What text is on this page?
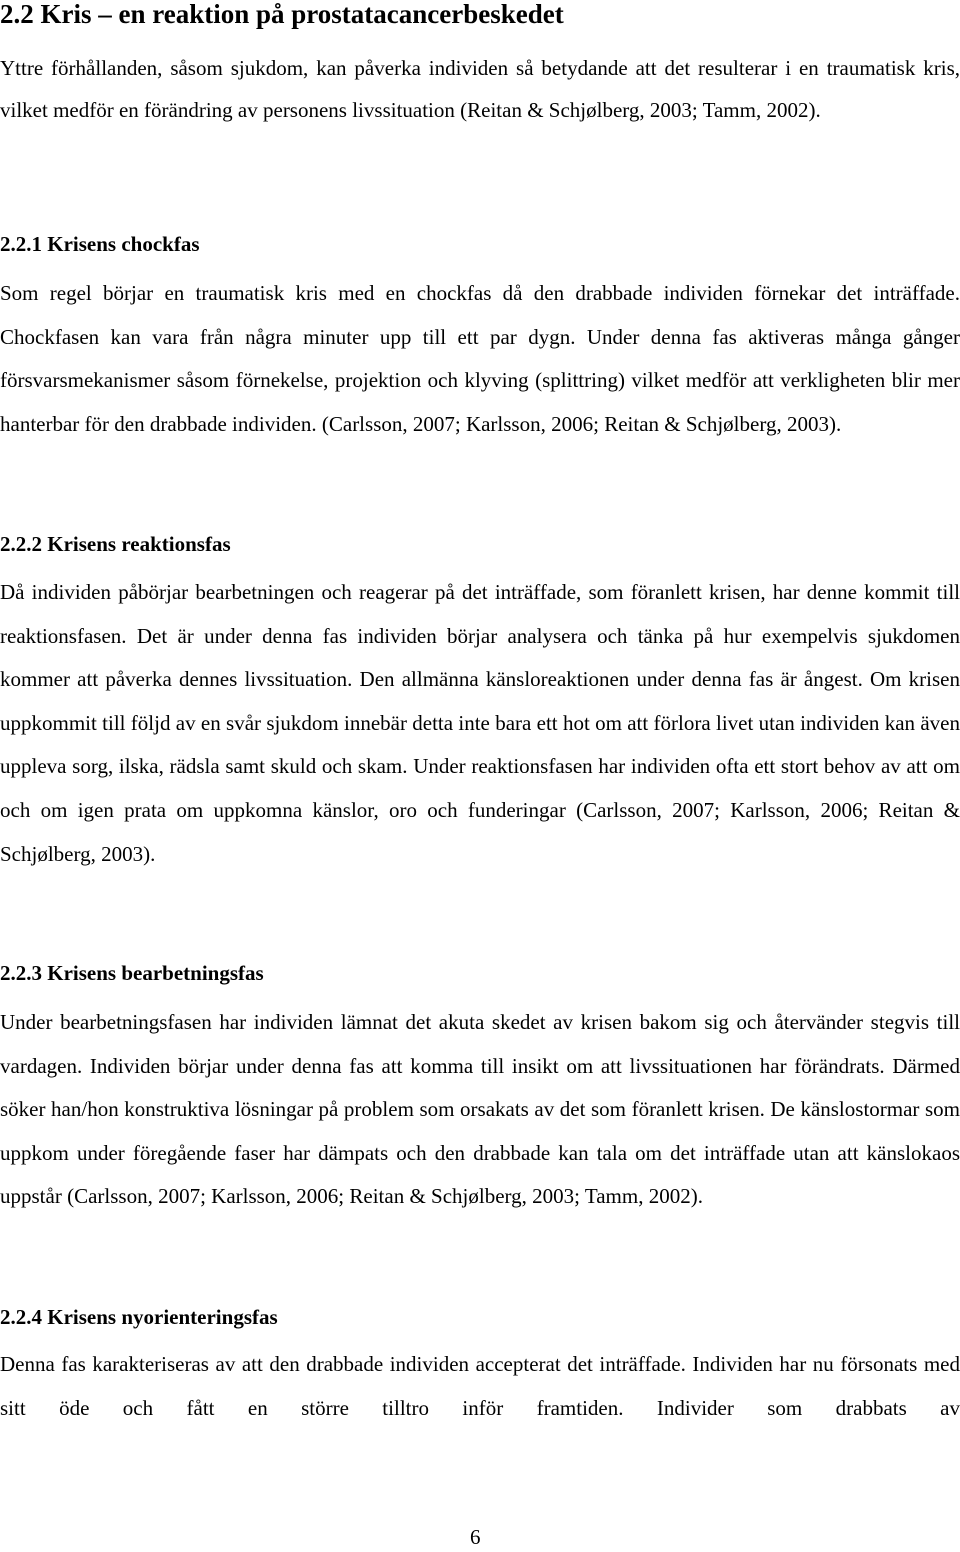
2.2 Kris – en reaktion på prostatacancerbeskedet

Yttre förhållanden, såsom sjukdom, kan påverka individen så betydande att det resulterar i en traumatisk kris, vilket medför en förändring av personens livssituation (Reitan & Schjølberg, 2003; Tamm, 2002).

2.2.1 Krisens chockfas

Som regel börjar en traumatisk kris med en chockfas då den drabbade individen förnekar det inträffade. Chockfasen kan vara från några minuter upp till ett par dygn. Under denna fas aktiveras många gånger försvarsmekanismer såsom förnekelse, projektion och klyving (splittring) vilket medför att verkligheten blir mer hanterbar för den drabbade individen. (Carlsson, 2007; Karlsson, 2006; Reitan & Schjølberg, 2003).

2.2.2 Krisens reaktionsfas

Då individen påbörjar bearbetningen och reagerar på det inträffade, som föranlett krisen, har denne kommit till reaktionsfasen. Det är under denna fas individen börjar analysera och tänka på hur exempelvis sjukdomen kommer att påverka dennes livssituation. Den allmänna känsloreaktionen under denna fas är ångest. Om krisen uppkommit till följd av en svår sjukdom innebär detta inte bara ett hot om att förlora livet utan individen kan även uppleva sorg, ilska, rädsla samt skuld och skam. Under reaktionsfasen har individen ofta ett stort behov av att om och om igen prata om uppkomna känslor, oro och funderingar (Carlsson, 2007; Karlsson, 2006; Reitan & Schjølberg, 2003).

2.2.3 Krisens bearbetningsfas

Under bearbetningsfasen har individen lämnat det akuta skedet av krisen bakom sig och återvänder stegvis till vardagen. Individen börjar under denna fas att komma till insikt om att livssituationen har förändrats. Därmed söker han/hon konstruktiva lösningar på problem som orsakats av det som föranlett krisen. De känslostormar som uppkom under föregående faser har dämpats och den drabbade kan tala om det inträffade utan att känslokaos uppstår (Carlsson, 2007; Karlsson, 2006; Reitan & Schjølberg, 2003; Tamm, 2002).

2.2.4 Krisens nyorienteringsfas

Denna fas karakteriseras av att den drabbade individen accepterat det inträffade. Individen har nu försonats med sitt öde och fått en större tilltro inför framtiden. Individer som drabbats av

6
